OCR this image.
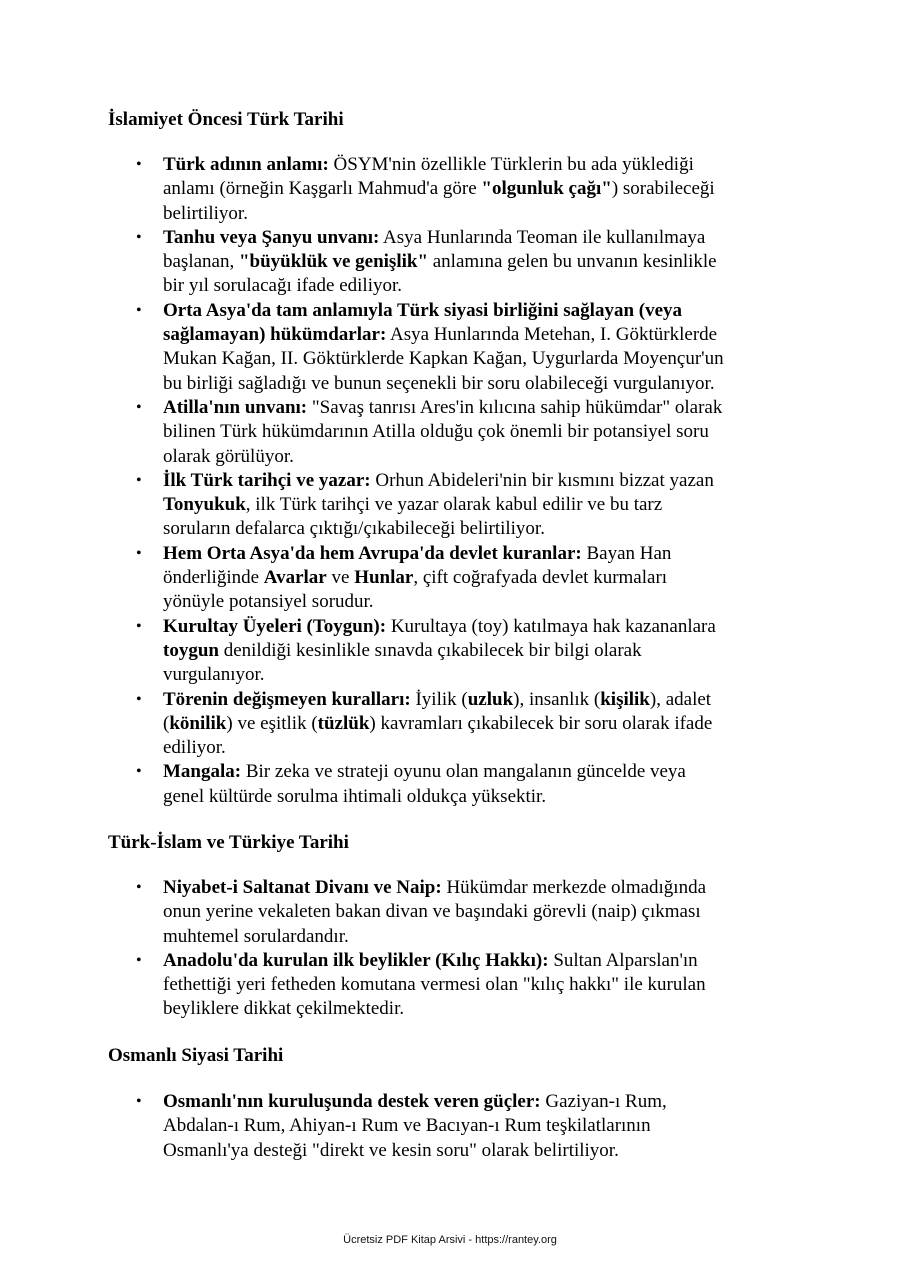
İslamiyet Öncesi Türk Tarihi
• Türk adının anlamı: ÖSYM'nin özellikle Türklerin bu ada yüklediği
anlamı (örneğin Kaşgarlı Mahmud'a göre "olgunluk çağı") sorabileceği
belirtiliyor.
• Tanhu veya Şanyu unvanı: Asya Hunlarında Teoman ile kullanılmaya
başlanan, "büyüklük ve genişlik" anlamına gelen bu unvanın kesinlikle
bir yıl sorulacağı ifade ediliyor.
• Orta Asya'da tam anlamıyla Türk siyasi birliğini sağlayan (veya
sağlamayan) hükümdarlar: Asya Hunlarında Metehan, I. Göktürklerde
Mukan Kağan, II. Göktürklerde Kapkan Kağan, Uygurlarda Moyençur'un
bu birliği sağladığı ve bunun seçenekli bir soru olabileceği vurgulanıyor.
• Atilla'nın unvanı: "Savaş tanrısı Ares'in kılıcına sahip hükümdar" olarak
bilinen Türk hükümdarının Atilla olduğu çok önemli bir potansiyel soru
olarak görülüyor.
• İlk Türk tarihçi ve yazar: Orhun Abideleri'nin bir kısmını bizzat yazan
Tonyukuk, ilk Türk tarihçi ve yazar olarak kabul edilir ve bu tarz
soruların defalarca çıktığı/çıkabileceği belirtiliyor.
• Hem Orta Asya'da hem Avrupa'da devlet kuranlar: Bayan Han
önderliğinde Avarlar ve Hunlar, çift coğrafyada devlet kurmaları
yönüyle potansiyel sorudur.
• Kurultay Üyeleri (Toygun): Kurultaya (toy) katılmaya hak kazananlara
toygun denildiği kesinlikle sınavda çıkabilecek bir bilgi olarak
vurgulanıyor.
• Törenin değişmeyen kuralları: İyilik (uzluk), insanlık (kişilik), adalet
(könilik) ve eşitlik (tüzlük) kavramları çıkabilecek bir soru olarak ifade
ediliyor.
• Mangala: Bir zeka ve strateji oyunu olan mangalanın güncelde veya
genel kültürde sorulma ihtimali oldukça yüksektir.
Türk-İslam ve Türkiye Tarihi
• Niyabet-i Saltanat Divanı ve Naip: Hükümdar merkezde olmadığında
onun yerine vekaleten bakan divan ve başındaki görevli (naip) çıkması
muhtemel sorulardandır.
• Anadolu'da kurulan ilk beylikler (Kılıç Hakkı): Sultan Alparslan'ın
fethettiği yeri fetheden komutana vermesi olan "kılıç hakkı" ile kurulan
beyliklere dikkat çekilmektedir.
Osmanlı Siyasi Tarihi
• Osmanlı'nın kuruluşunda destek veren güçler: Gaziyan-ı Rum,
Abdalan-ı Rum, Ahiyan-ı Rum ve Bacıyan-ı Rum teşkilatlarının
Osmanlı'ya desteği "direkt ve kesin soru" olarak belirtiliyor.
Ücretsiz PDF Kitap Arsivi - https://rantey.org
